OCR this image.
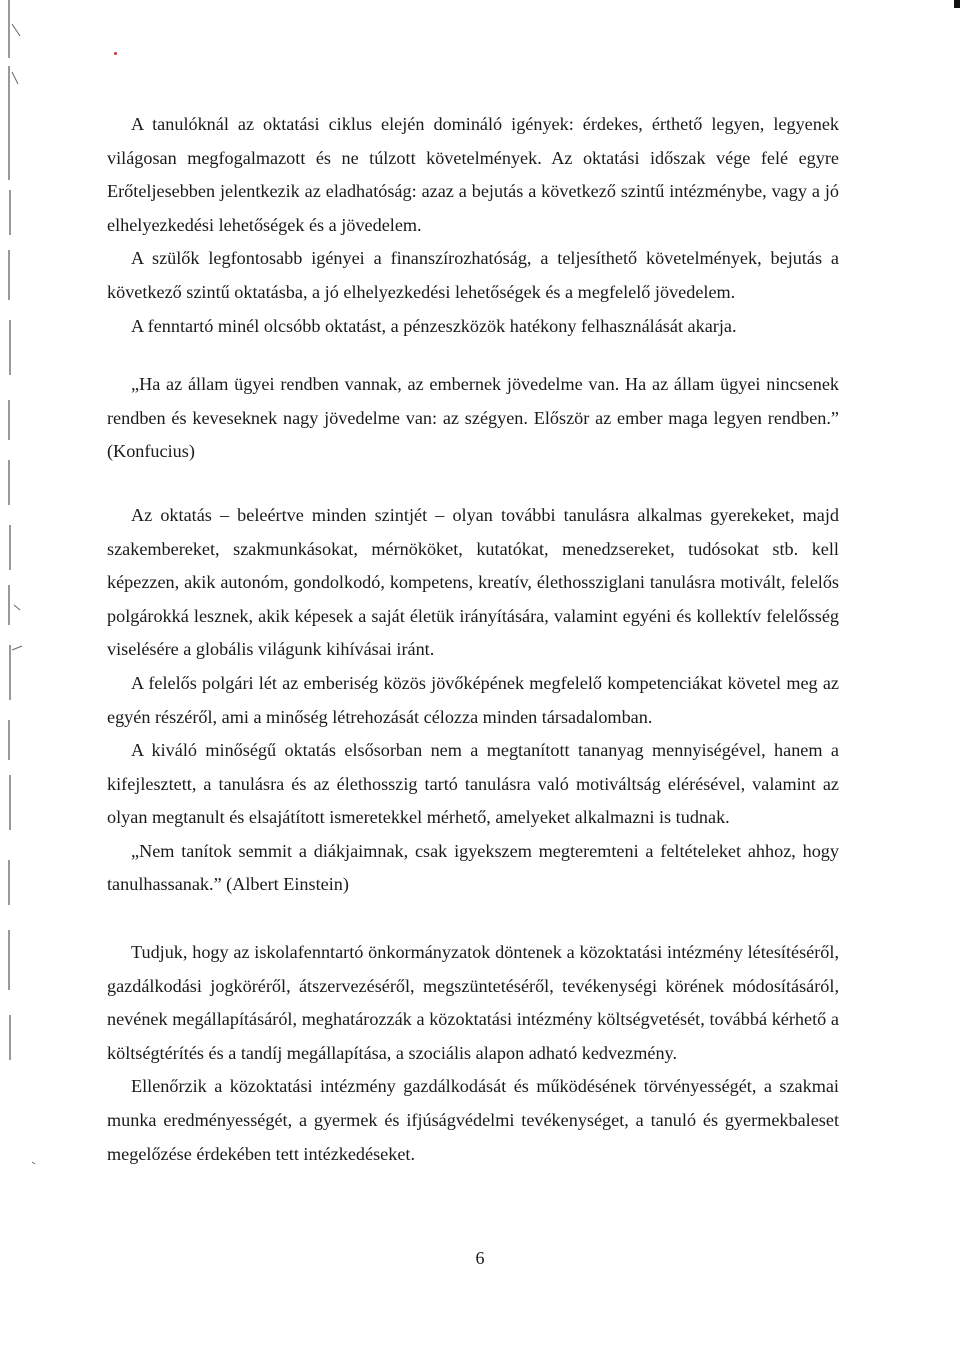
A tanulóknál az oktatási ciklus elején domináló igények: érdekes, érthető legyen, legyenek világosan megfogalmazott és ne túlzott követelmények. Az oktatási időszak vége felé egyre Erőteljesebben jelentkezik az eladhatóság: azaz a bejutás a következő szintű intézménybe, vagy a jó elhelyezkedési lehetőségek és a jövedelem.

A szülők legfontosabb igényei a finanszírozhatóság, a teljesíthető követelmények, bejutás a következő szintű oktatásba, a jó elhelyezkedési lehetőségek és a megfelelő jövedelem.

A fenntartó minél olcsóbb oktatást, a pénzeszközök hatékony felhasználását akarja.

„Ha az állam ügyei rendben vannak, az embernek jövedelme van. Ha az állam ügyei nincsenek rendben és keveseknek nagy jövedelme van: az szégyen. Először az ember maga legyen rendben.” (Konfucius)

Az oktatás – beleértve minden szintjét – olyan további tanulásra alkalmas gyerekeket, majd szakembereket, szakmunkásokat, mérnököket, kutatókat, menedzsereket, tudósokat stb. kell képezzen, akik autonóm, gondolkodó, kompetens, kreatív, élethossziglani tanulásra motivált, felelős polgárokká lesznek, akik képesek a saját életük irányítására, valamint egyéni és kollektív felelősség viselésére a globális világunk kihívásai iránt.

A felelős polgári lét az emberiség közös jövőképének megfelelő kompetenciákat követel meg az egyén részéről, ami a minőség létrehozását célozza minden társadalomban.

A kiváló minőségű oktatás elsősorban nem a megtanított tananyag mennyiségével, hanem a kifejlesztett, a tanulásra és az élethosszig tartó tanulásra való motiváltság elérésével, valamint az olyan megtanult és elsajátított ismeretekkel mérhető, amelyeket alkalmazni is tudnak.

„Nem tanítok semmit a diákjaimnak, csak igyekszem megteremteni a feltételeket ahhoz, hogy tanulhassanak.” (Albert Einstein)

Tudjuk, hogy az iskolafenntartó önkormányzatok döntenek a közoktatási intézmény létesítéséről, gazdálkodási jogköréről, átszervezéséről, megszüntetéséről, tevékenységi körének módosításáról, nevének megállapításáról, meghatározzák a közoktatási intézmény költségvetését, továbbá kérhető a költségtérítés és a tandíj megállapítása, a szociális alapon adható kedvezmény.

Ellenőrzik a közoktatási intézmény gazdálkodását és működésének törvényességét, a szakmai munka eredményességét, a gyermek és ifjúságvédelmi tevékenységet, a tanuló és gyermekbaleset megelőzése érdekében tett intézkedéseket.

6
